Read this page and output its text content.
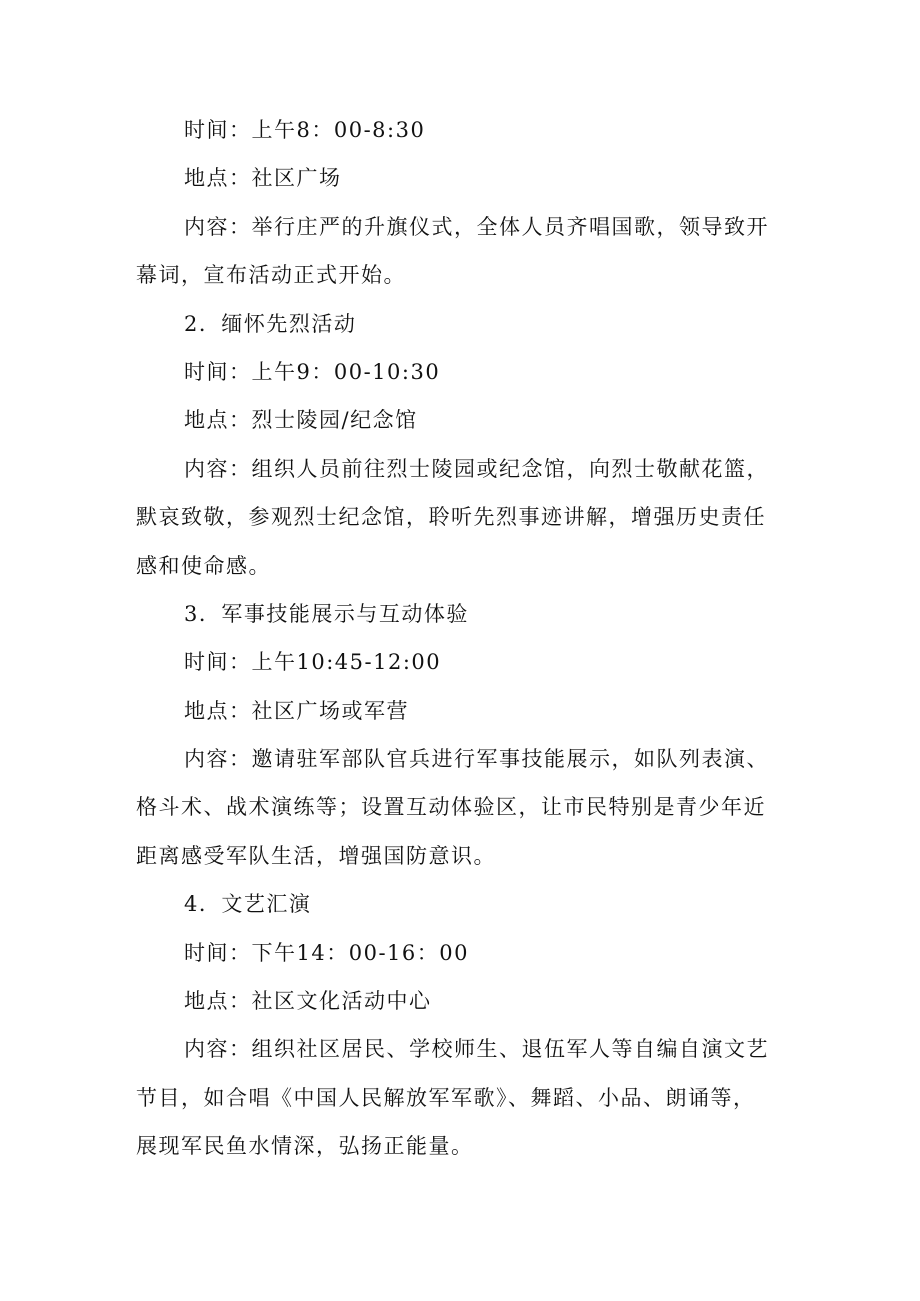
时间：上午8：00-8:30
地点：社区广场
内容：举行庄严的升旗仪式，全体人员齐唱国歌，领导致开
幕词，宣布活动正式开始。
2．缅怀先烈活动
时间：上午9：00-10:30
地点：烈士陵园/纪念馆
内容：组织人员前往烈士陵园或纪念馆，向烈士敬献花篮，
默哀致敬，参观烈士纪念馆，聆听先烈事迹讲解，增强历史责任
感和使命感。
3．军事技能展示与互动体验
时间：上午10:45-12:00
地点：社区广场或军营
内容：邀请驻军部队官兵进行军事技能展示，如队列表演、
格斗术、战术演练等；设置互动体验区，让市民特别是青少年近
距离感受军队生活，增强国防意识。
4．文艺汇演
时间：下午14：00-16：00
地点：社区文化活动中心
内容：组织社区居民、学校师生、退伍军人等自编自演文艺
节目，如合唱《中国人民解放军军歌》、舞蹈、小品、朗诵等，
展现军民鱼水情深，弘扬正能量。
